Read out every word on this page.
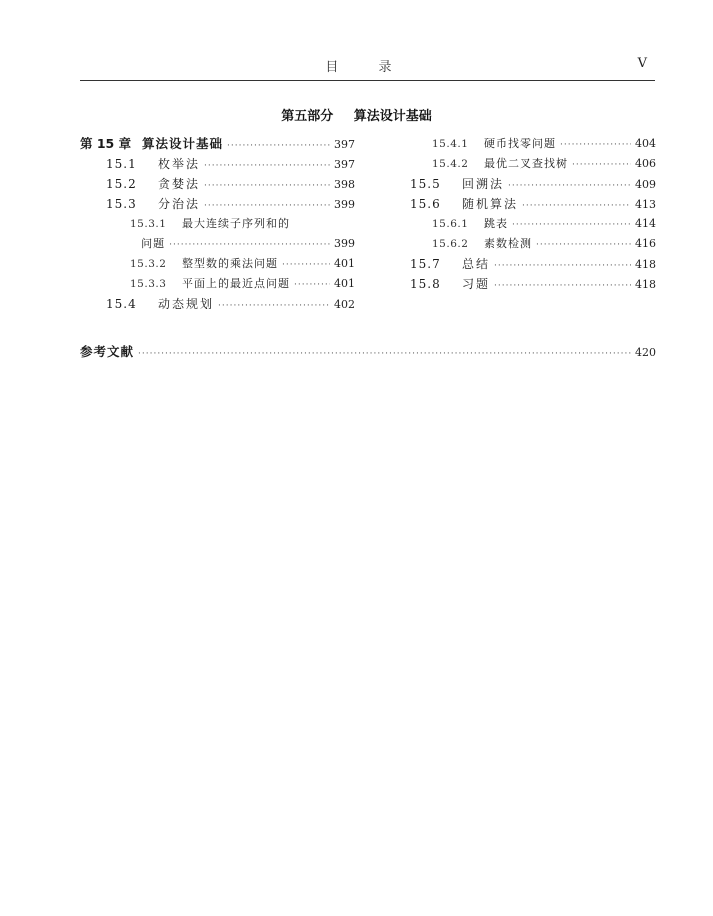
目 录	V
第五部分 算法设计基础
第 15 章 算法设计基础 ·····	397
15.1	枚举法 ·····	397
15.2	贪婪法 ·····	398
15.3	分治法 ·····	399
15.3.1	最大连续子序列和的
问题 ·····	399
15.3.2	整型数的乘法问题 ·····	401
15.3.3	平面上的最近点问题 ·····	401
15.4	动态规划 ·····	402
15.4.1	硬币找零问题 ·····	404
15.4.2	最优二叉查找树 ·····	406
15.5	回溯法 ·····	409
15.6	随机算法 ·····	413
15.6.1	跳表 ·····	414
15.6.2	素数检测 ·····	416
15.7	总结 ·····	418
15.8	习题 ·····	418
参考文献 ·····	420
